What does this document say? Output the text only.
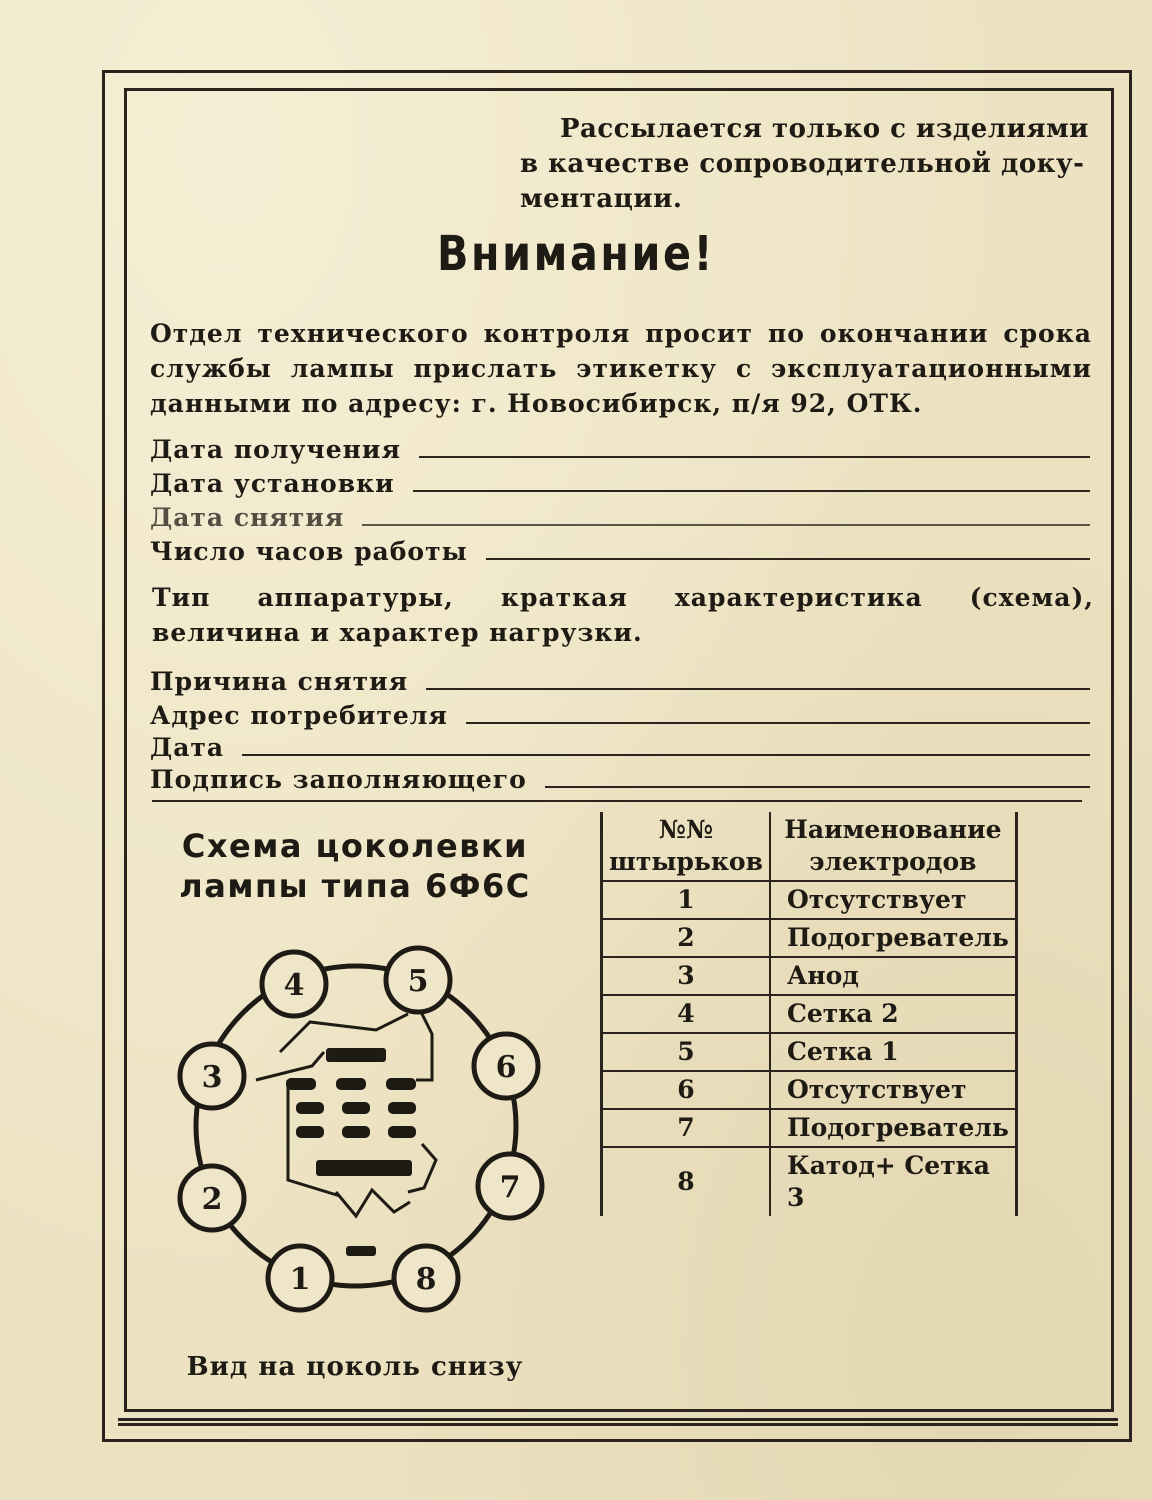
Рассылается только с изделиями
в качестве сопроводительной доку-
ментации.
Внимание!
Отдел технического контроля просит по окончании срока службы лампы прислать этикетку с эксплуатационными данными по адресу: г. Новосибирск, п/я 92, ОТК.
Дата получения
Дата установки
Дата снятия
Число часов работы
Тип аппаратуры, краткая характеристика (схема), величина и характер нагрузки.
Причина снятия
Адрес потребителя
Дата
Подпись заполняющего
Схема цоколевки
лампы типа 6Ф6С
1
2
3
4	5
6
7
8
Вид на цоколь снизу
№№ штырьков	Наименование электродов
1	Отсутствует
2	Подогреватель
3	Анод
4	Сетка 2
5	Сетка 1
6	Отсутствует
7	Подогреватель
8	Катод+ Сетка 3
